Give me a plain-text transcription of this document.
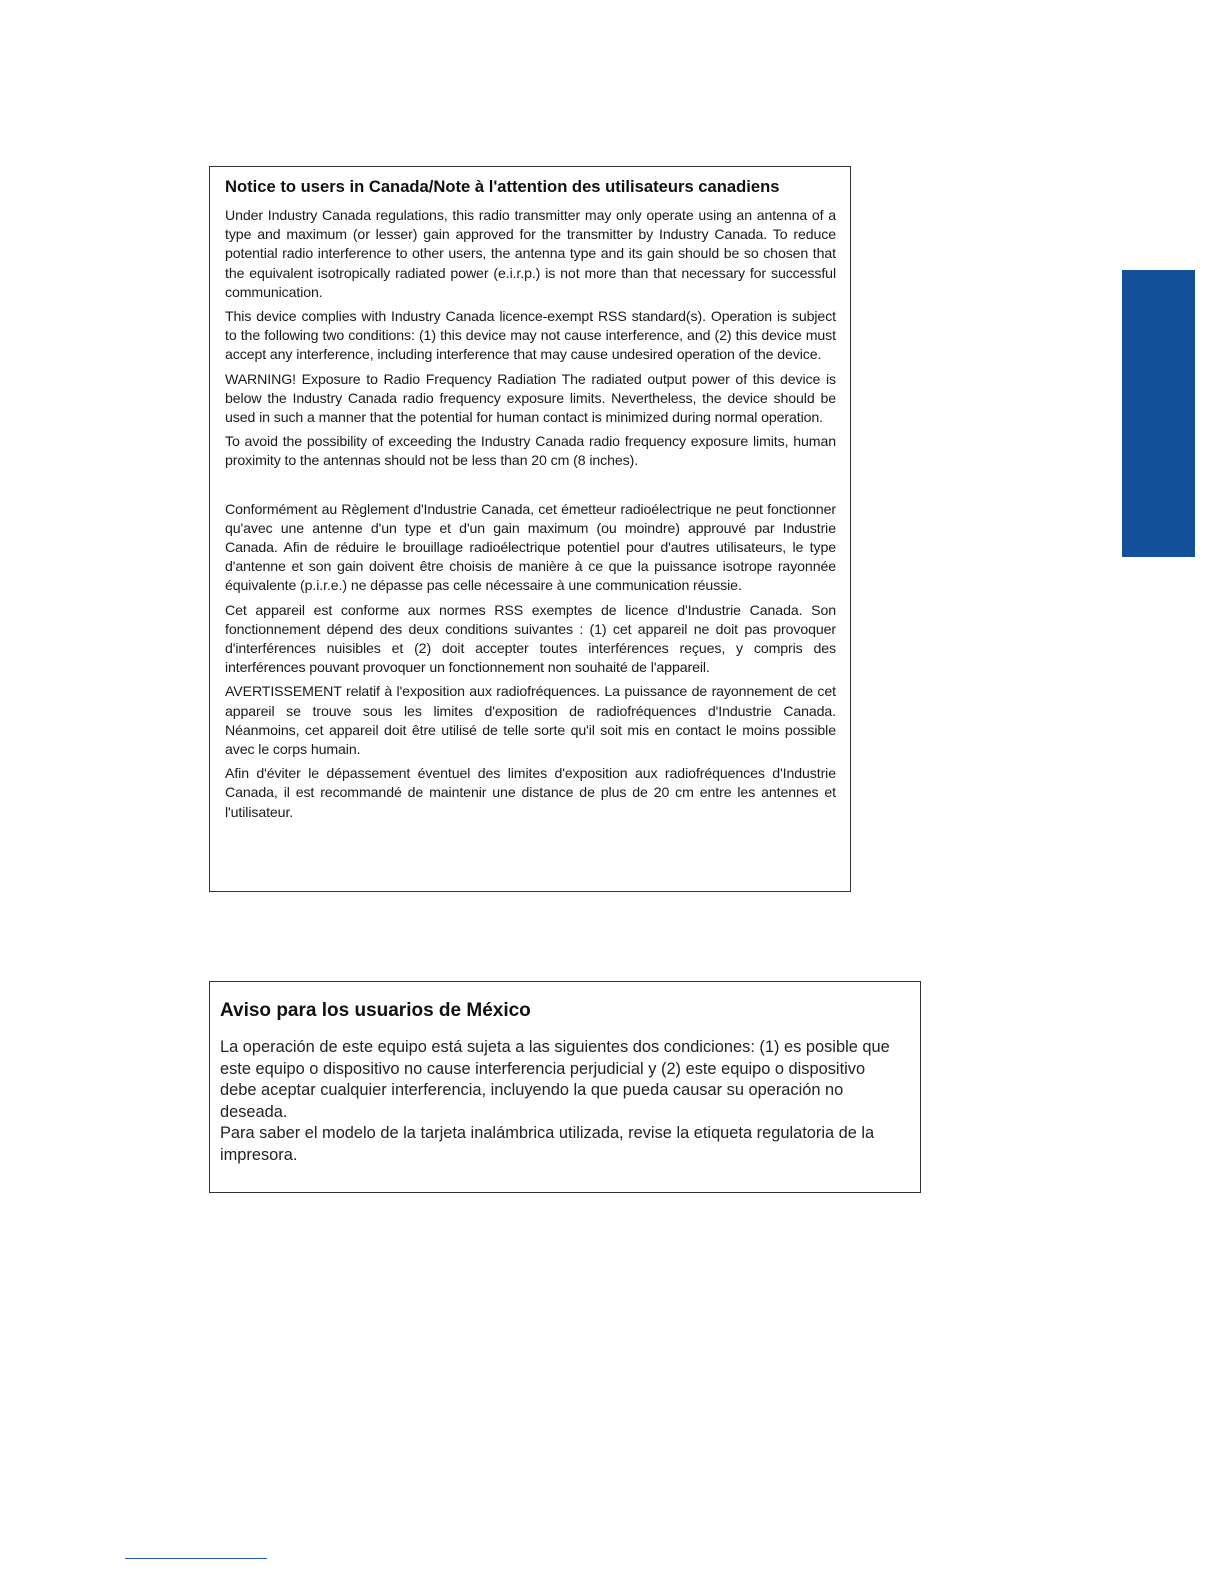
Notice to users in Canada/Note à l'attention des utilisateurs canadiens

Under Industry Canada regulations, this radio transmitter may only operate using an antenna of a type and maximum (or lesser) gain approved for the transmitter by Industry Canada. To reduce potential radio interference to other users, the antenna type and its gain should be so chosen that the equivalent isotropically radiated power (e.i.r.p.) is not more than that necessary for successful communication.

This device complies with Industry Canada licence-exempt RSS standard(s). Operation is subject to the following two conditions: (1) this device may not cause interference, and (2) this device must accept any interference, including interference that may cause undesired operation of the device.

WARNING! Exposure to Radio Frequency Radiation The radiated output power of this device is below the Industry Canada radio frequency exposure limits. Nevertheless, the device should be used in such a manner that the potential for human contact is minimized during normal operation.

To avoid the possibility of exceeding the Industry Canada radio frequency exposure limits, human proximity to the antennas should not be less than 20 cm (8 inches).

Conformément au Règlement d'Industrie Canada, cet émetteur radioélectrique ne peut fonctionner qu'avec une antenne d'un type et d'un gain maximum (ou moindre) approuvé par Industrie Canada. Afin de réduire le brouillage radioélectrique potentiel pour d'autres utilisateurs, le type d'antenne et son gain doivent être choisis de manière à ce que la puissance isotrope rayonnée équivalente (p.i.r.e.) ne dépasse pas celle nécessaire à une communication réussie.

Cet appareil est conforme aux normes RSS exemptes de licence d'Industrie Canada. Son fonctionnement dépend des deux conditions suivantes : (1) cet appareil ne doit pas provoquer d'interférences nuisibles et (2) doit accepter toutes interférences reçues, y compris des interférences pouvant provoquer un fonctionnement non souhaité de l'appareil.

AVERTISSEMENT relatif à l'exposition aux radiofréquences. La puissance de rayonnement de cet appareil se trouve sous les limites d'exposition de radiofréquences d'Industrie Canada. Néanmoins, cet appareil doit être utilisé de telle sorte qu'il soit mis en contact le moins possible avec le corps humain.

Afin d'éviter le dépassement éventuel des limites d'exposition aux radiofréquences d'Industrie Canada, il est recommandé de maintenir une distance de plus de 20 cm entre les antennes et l'utilisateur.

Aviso para los usuarios de México

La operación de este equipo está sujeta a las siguientes dos condiciones: (1) es posible que este equipo o dispositivo no cause interferencia perjudicial y (2) este equipo o dispositivo debe aceptar cualquier interferencia, incluyendo la que pueda causar su operación no deseada.

Para saber el modelo de la tarjeta inalámbrica utilizada, revise la etiqueta regulatoria de la impresora.
